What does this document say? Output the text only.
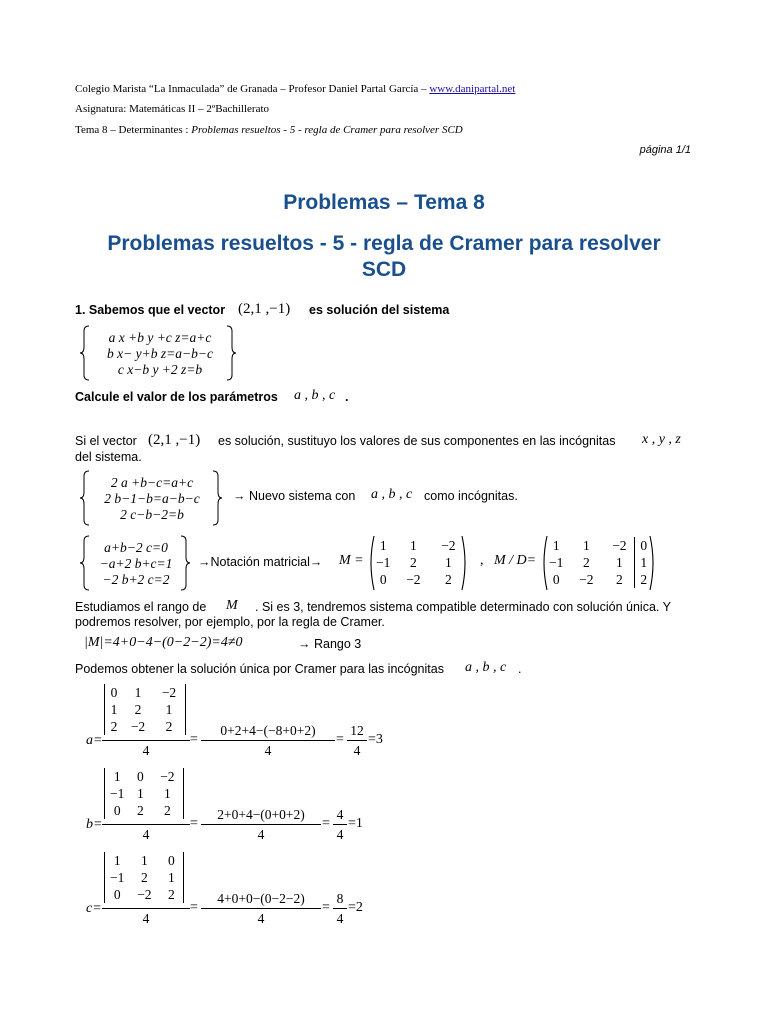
Colegio Marista “La Inmaculada” de Granada – Profesor Daniel Partal García – www.danipartal.net
Asignatura: Matemáticas II – 2ºBachillerato
Tema 8 – Determinantes : Problemas resueltos - 5 - regla de Cramer para resolver SCD
página 1/1
Problemas – Tema 8
Problemas resueltos - 5 - regla de Cramer para resolver
SCD
1. Sabemos que el vector (2,1 ,−1) es solución del sistema
a x +b y +c z=a+c
b x− y+b z=a−b−c
c x−b y +2 z=b
Calcule el valor de los parámetros a , b , c .
Si el vector (2,1 ,−1) es solución, sustituyo los valores de sus componentes en las incógnitas x , y , z
del sistema.
2 a +b−c=a+c
2 b−1−b=a−b−c
2 c−b−2=b
→ Nuevo sistema con a , b , c como incógnitas.
a+b−2 c=0
−a+2 b+c=1
−2 b+2 c=2
→Notación matricial→ M =
1	1	−2
−1	2	1
0	−2	2
, M / D=
1	1	−2	0
−1	2	1	1
0	−2	2	2
Estudiamos el rango de M . Si es 3, tendremos sistema compatible determinado con solución única. Y
podremos resolver, por ejemplo, por la regla de Cramer.
|M|=4+0−4−(0−2−2)=4≠0	→ Rango 3
Podemos obtener la solución única por Cramer para las incógnitas a , b , c .
a=
0	1	−2
1	2	1
2	−2	2
4
=
0+2+4−(−8+0+2)
4
=
12
4
=3
b=
1	0	−2
−1	1	1
0	2	2
4
=
2+0+4−(0+0+2)
4
=
4
4
=1
c=
1	1	0
−1	2	1
0	−2	2
4
=
4+0+0−(0−2−2)
4
=
8
4
=2
